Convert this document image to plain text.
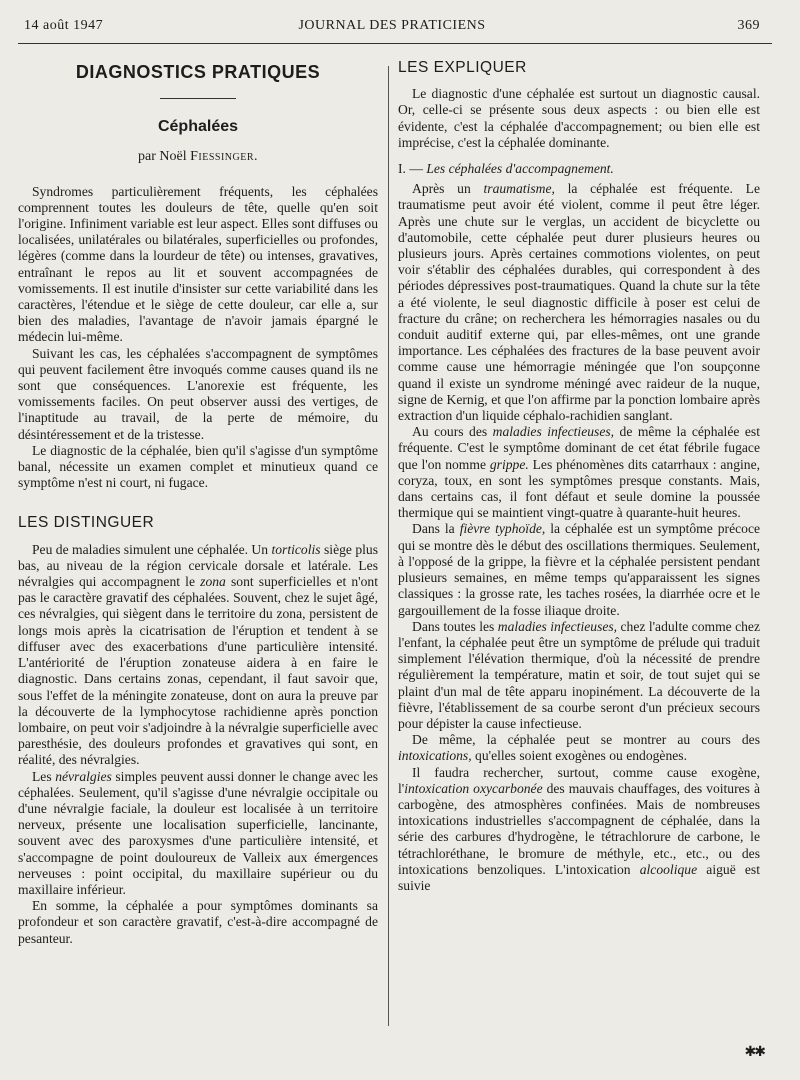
14 août 1947	JOURNAL DES PRATICIENS	369
DIAGNOSTICS PRATIQUES
Céphalées
par Noël Fiessinger.

Syndromes particulièrement fréquents, les céphalées comprennent toutes les douleurs de tête, quelle qu'en soit l'origine. Infiniment variable est leur aspect. Elles sont diffuses ou localisées, unilatérales ou bilatérales, superficielles ou profondes, légères (comme dans la lourdeur de tête) ou intenses, gravatives, entraînant le repos au lit et souvent accompagnées de vomissements. Il est inutile d'insister sur cette variabilité dans les caractères, l'étendue et le siège de cette douleur, car elle a, sur bien des maladies, l'avantage de n'avoir jamais épargné le médecin lui-même.

Suivant les cas, les céphalées s'accompagnent de symptômes qui peuvent facilement être invoqués comme causes quand ils ne sont que conséquences. L'anorexie est fréquente, les vomissements faciles. On peut observer aussi des vertiges, de l'inaptitude au travail, de la perte de mémoire, du désintéressement et de la tristesse.

Le diagnostic de la céphalée, bien qu'il s'agisse d'un symptôme banal, nécessite un examen complet et minutieux quand ce symptôme n'est ni court, ni fugace.

LES DISTINGUER

Peu de maladies simulent une céphalée. Un torticolis siège plus bas, au niveau de la région cervicale dorsale et latérale. Les névralgies qui accompagnent le zona sont superficielles et n'ont pas le caractère gravatif des céphalées. Souvent, chez le sujet âgé, ces névralgies, qui siègent dans le territoire du zona, persistent de longs mois après la cicatrisation de l'éruption et tendent à se diffuser avec des exacerbations d'une particulière intensité. L'antériorité de l'éruption zonateuse aidera à en faire le diagnostic. Dans certains zonas, cependant, il faut savoir que, sous l'effet de la méningite zonateuse, dont on aura la preuve par la découverte de la lymphocytose rachidienne après ponction lombaire, on peut voir s'adjoindre à la névralgie superficielle avec paresthésie, des douleurs profondes et gravatives qui sont, en réalité, des névralgies.

Les névralgies simples peuvent aussi donner le change avec les céphalées. Seulement, qu'il s'agisse d'une névralgie occipitale ou d'une névralgie faciale, la douleur est localisée à un territoire nerveux, présente une localisation superficielle, lancinante, souvent avec des paroxysmes d'une particulière intensité, et s'accompagne de point douloureux de Valleix aux émergences nerveuses : point occipital, du maxillaire supérieur ou du maxillaire inférieur.

En somme, la céphalée a pour symptômes dominants sa profondeur et son caractère gravatif, c'est-à-dire accompagné de pesanteur.

LES EXPLIQUER

Le diagnostic d'une céphalée est surtout un diagnostic causal. Or, celle-ci se présente sous deux aspects : ou bien elle est évidente, c'est la céphalée d'accompagnement; ou bien elle est imprécise, c'est la céphalée dominante.

I. — Les céphalées d'accompagnement.

Après un traumatisme, la céphalée est fréquente. Le traumatisme peut avoir été violent, comme il peut être léger. Après une chute sur le verglas, un accident de bicyclette ou d'automobile, cette céphalée peut durer plusieurs heures ou plusieurs jours. Après certaines commotions violentes, on peut voir s'établir des céphalées durables, qui correspondent à des périodes dépressives post-traumatiques. Quand la chute sur la tête a été violente, le seul diagnostic difficile à poser est celui de fracture du crâne; on recherchera les hémorragies nasales ou du conduit auditif externe qui, par elles-mêmes, ont une grande importance. Les céphalées des fractures de la base peuvent avoir comme cause une hémorragie méningée que l'on soupçonne quand il existe un syndrome méningé avec raideur de la nuque, signe de Kernig, et que l'on affirme par la ponction lombaire après extraction d'un liquide céphalo-rachidien sanglant.

Au cours des maladies infectieuses, de même la céphalée est fréquente. C'est le symptôme dominant de cet état fébrile fugace que l'on nomme grippe. Les phénomènes dits catarrhaux : angine, coryza, toux, en sont les symptômes presque constants. Mais, dans certains cas, il font défaut et seule domine la poussée thermique qui se maintient vingt-quatre à quarante-huit heures.

Dans la fièvre typhoïde, la céphalée est un symptôme précoce qui se montre dès le début des oscillations thermiques. Seulement, à l'opposé de la grippe, la fièvre et la céphalée persistent pendant plusieurs semaines, en même temps qu'apparaissent les signes classiques : la grosse rate, les taches rosées, la diarrhée ocre et le gargouillement de la fosse iliaque droite.

Dans toutes les maladies infectieuses, chez l'adulte comme chez l'enfant, la céphalée peut être un symptôme de prélude qui traduit simplement l'élévation thermique, d'où la nécessité de prendre régulièrement la température, matin et soir, de tout sujet qui se plaint d'un mal de tête apparu inopinément. La découverte de la fièvre, l'établissement de sa courbe seront d'un précieux secours pour dépister la cause infectieuse.

De même, la céphalée peut se montrer au cours des intoxications, qu'elles soient exogènes ou endogènes.

Il faudra rechercher, surtout, comme cause exogène, l'intoxication oxycarbonée des mauvais chauffages, des voitures à carbogène, des atmosphères confinées. Mais de nombreuses intoxications industrielles s'accompagnent de céphalée, dans la série des carbures d'hydrogène, le tétrachlorure de carbone, le tétrachloréthane, le bromure de méthyle, etc., etc., ou des intoxications benzoliques. L'intoxication alcoolique aiguë est suivie

✱✱
